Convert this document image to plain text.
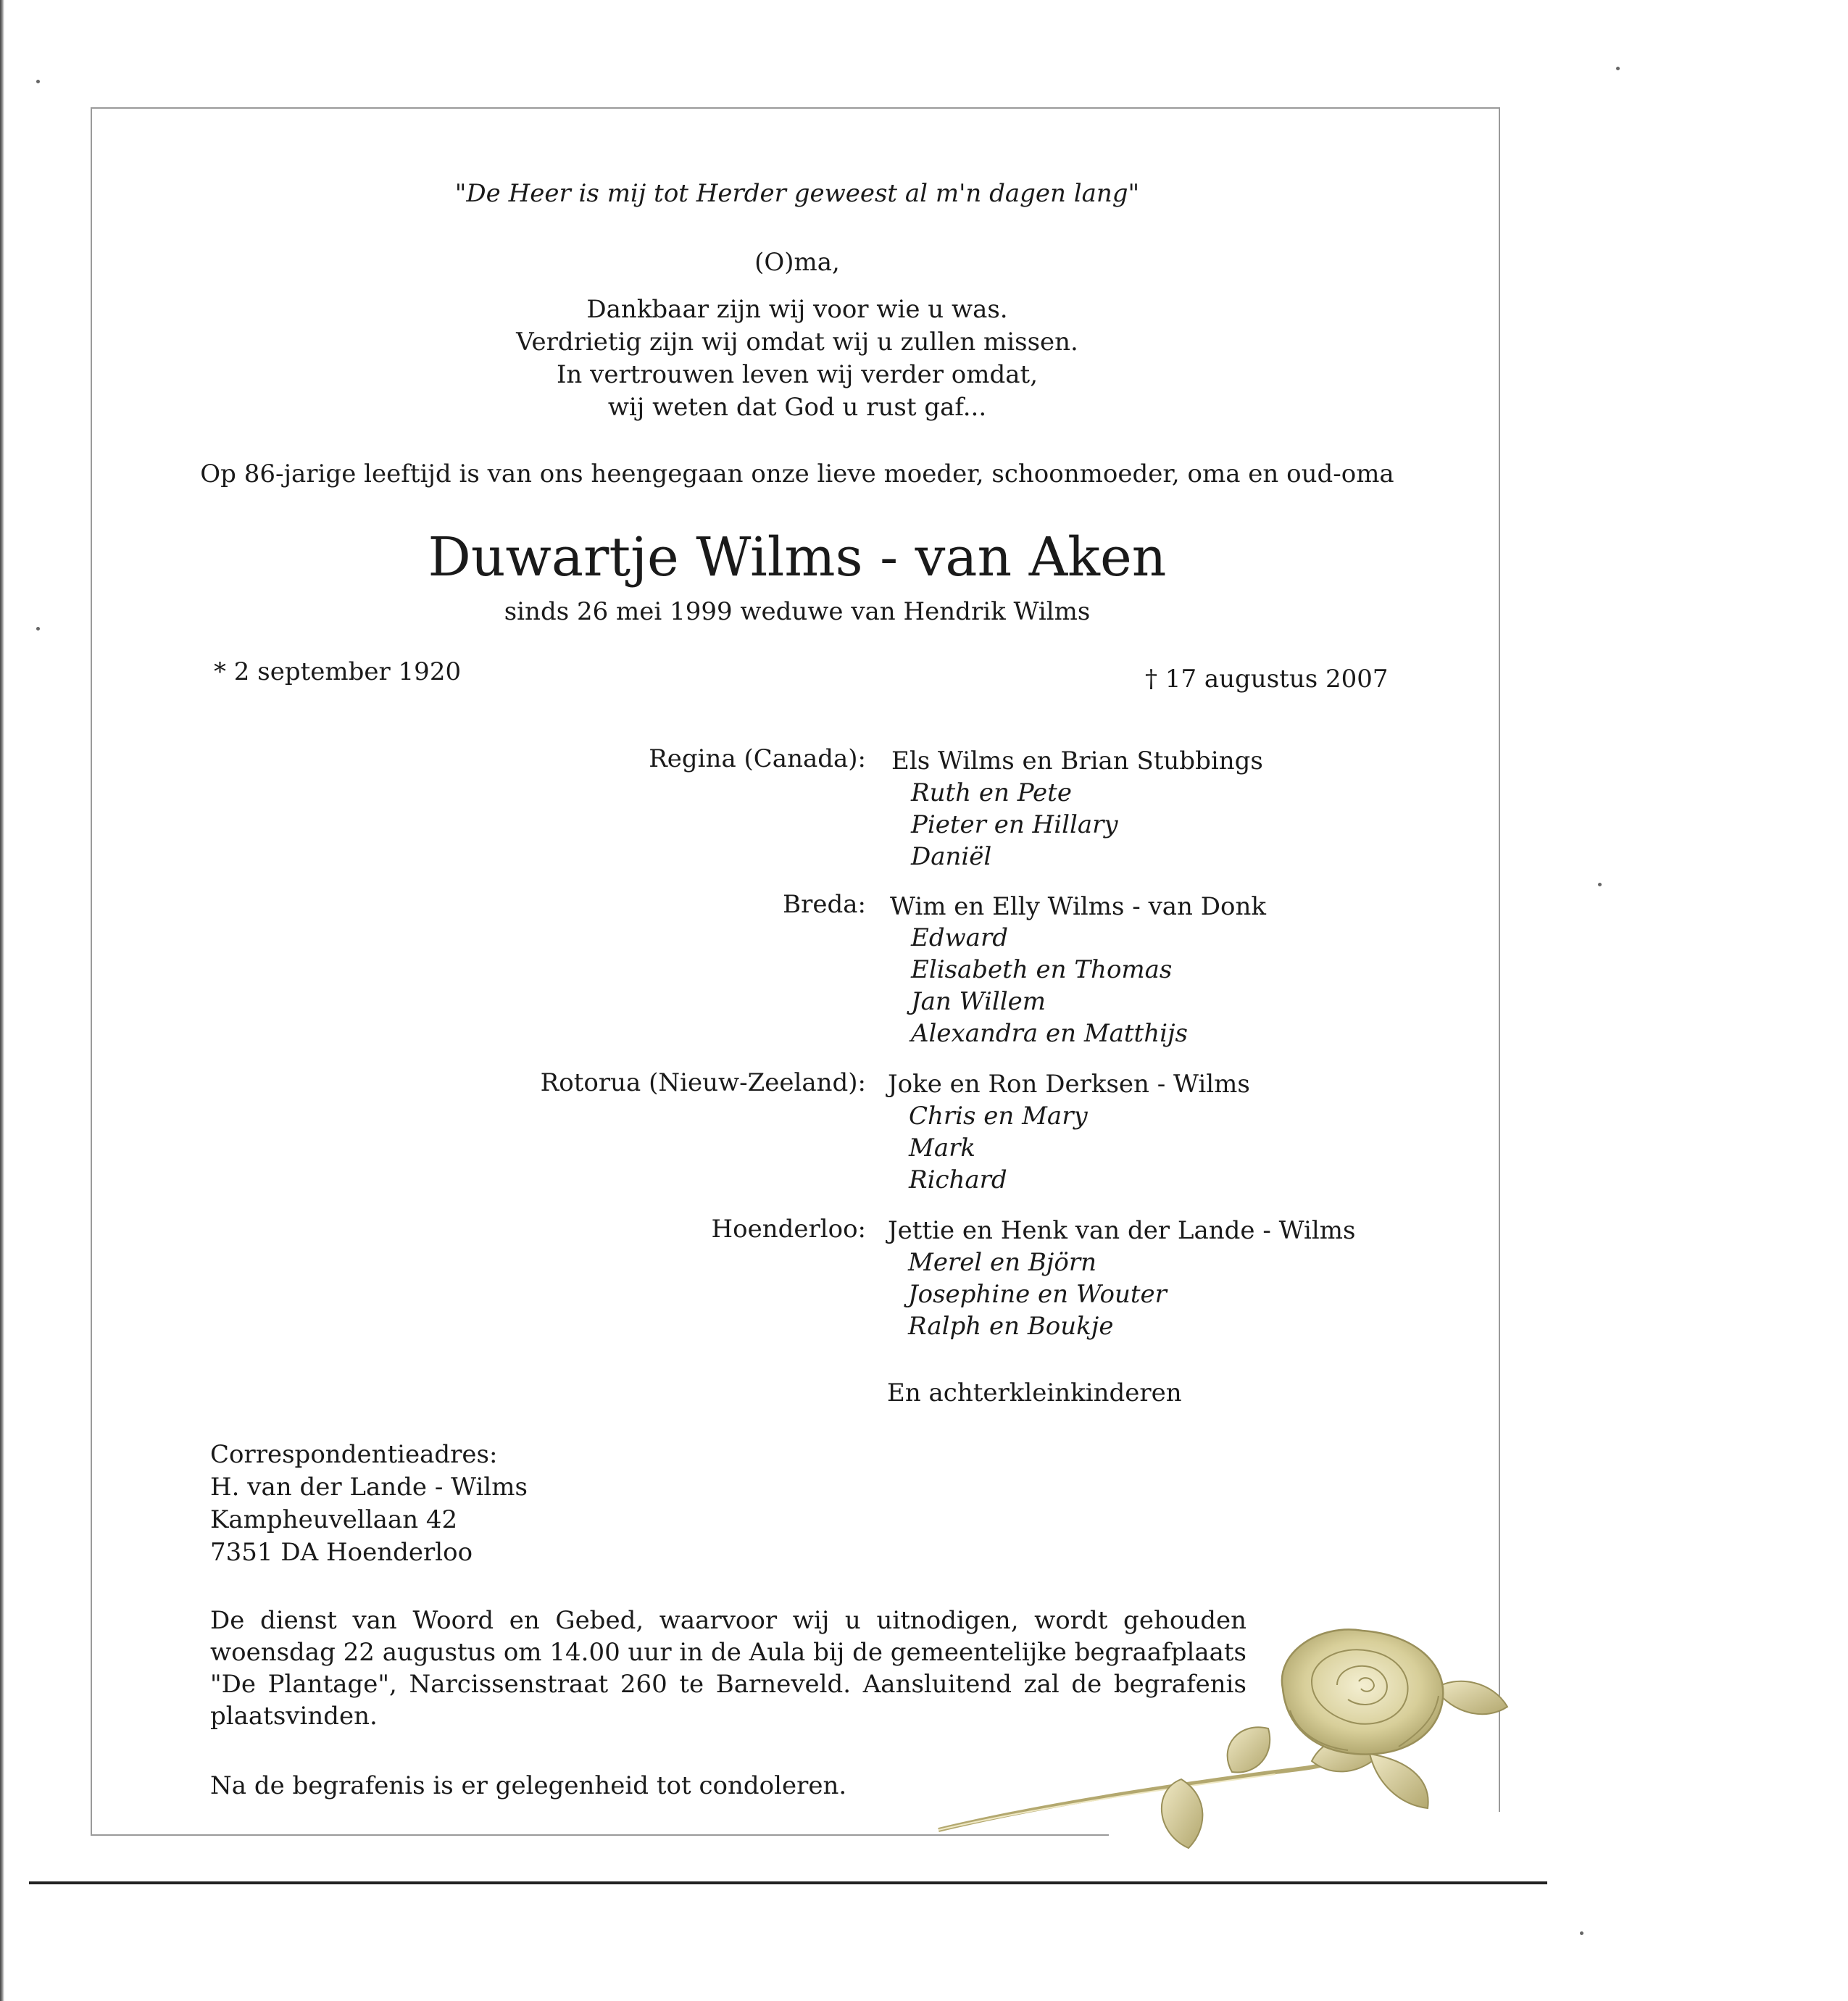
"De Heer is mij tot Herder geweest al m'n dagen lang"
(O)ma,
Dankbaar zijn wij voor wie u was.
Verdrietig zijn wij omdat wij u zullen missen.
In vertrouwen leven wij verder omdat,
wij weten dat God u rust gaf...
Op 86-jarige leeftijd is van ons heengegaan onze lieve moeder, schoonmoeder, oma en oud-oma
Duwartje Wilms - van Aken
sinds 26 mei 1999 weduwe van Hendrik Wilms
* 2 september 1920	† 17 augustus 2007
Regina (Canada): Els Wilms en Brian Stubbings
Ruth en Pete
Pieter en Hillary
Daniël
Breda: Wim en Elly Wilms - van Donk
Edward
Elisabeth en Thomas
Jan Willem
Alexandra en Matthijs
Rotorua (Nieuw-Zeeland): Joke en Ron Derksen - Wilms
Chris en Mary
Mark
Richard
Hoenderloo: Jettie en Henk van der Lande - Wilms
Merel en Björn
Josephine en Wouter
Ralph en Boukje
En achterkleinkinderen
Correspondentieadres:
H. van der Lande - Wilms
Kampheuvellaan 42
7351 DA Hoenderloo

De dienst van Woord en Gebed, waarvoor wij u uitnodigen, wordt gehouden woensdag 22 augustus om 14.00 uur in de Aula bij de gemeentelijke begraafplaats "De Plantage", Narcissenstraat 260 te Barneveld. Aansluitend zal de begrafenis plaatsvinden.

Na de begrafenis is er gelegenheid tot condoleren.
